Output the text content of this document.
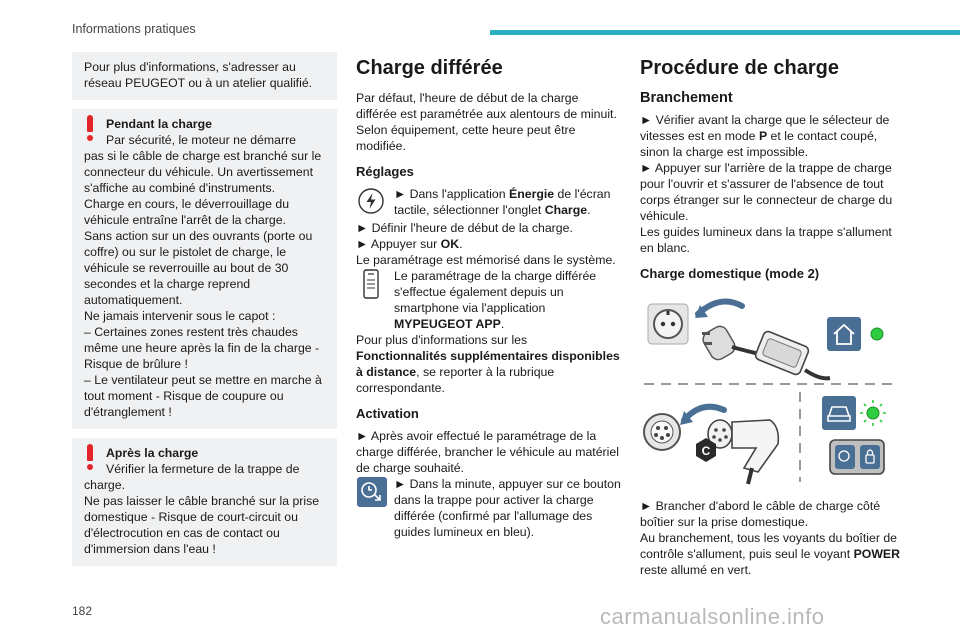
Informations pratiques

Pour plus d'informations, s'adresser au réseau PEUGEOT ou à un atelier qualifié.

Pendant la charge

Par sécurité, le moteur ne démarre

pas si le câble de charge est branché sur le connecteur du véhicule. Un avertissement s'affiche au combiné d'instruments.

Charge en cours, le déverrouillage du véhicule entraîne l'arrêt de la charge.

Sans action sur un des ouvrants (porte ou coffre) ou sur le pistolet de charge, le véhicule se reverrouille au bout de 30 secondes et la charge reprend automatiquement.

Ne jamais intervenir sous le capot :

– Certaines zones restent très chaudes même une heure après la fin de la charge - Risque de brûlure !

– Le ventilateur peut se mettre en marche à tout moment - Risque de coupure ou d'étranglement !

Après la charge

Vérifier la fermeture de la trappe de

charge.

Ne pas laisser le câble branché sur la prise domestique - Risque de court-circuit ou d'électrocution en cas de contact ou d'immersion dans l'eau !

Charge différée

Par défaut, l'heure de début de la charge différée est paramétrée aux alentours de minuit.

Selon équipement, cette heure peut être modifiée.

Réglages

► Dans l'application Énergie de l'écran tactile, sélectionner l'onglet Charge.

► Définir l'heure de début de la charge.

► Appuyer sur OK.

Le paramétrage est mémorisé dans le système.

Le paramétrage de la charge différée s'effectue également depuis un smartphone via l'application MYPEUGEOT APP.

Pour plus d'informations sur les Fonctionnalités supplémentaires disponibles à distance, se reporter à la rubrique correspondante.

Activation

► Après avoir effectué le paramétrage de la charge différée, brancher le véhicule au matériel de charge souhaité.

► Dans la minute, appuyer sur ce bouton dans la trappe pour activer la charge différée (confirmé par l'allumage des guides lumineux en bleu).

Procédure de charge
Branchement

► Vérifier avant la charge que le sélecteur de vitesses est en mode P et le contact coupé, sinon la charge est impossible.

► Appuyer sur l'arrière de la trappe de charge pour l'ouvrir et s'assurer de l'absence de tout corps étranger sur le connecteur de charge du véhicule.

Les guides lumineux dans la trappe s'allument en blanc.

Charge domestique (mode 2)
C

► Brancher d'abord le câble de charge côté boîtier sur la prise domestique.

Au branchement, tous les voyants du boîtier de contrôle s'allument, puis seul le voyant POWER reste allumé en vert.

182	carmanualsonline.info
